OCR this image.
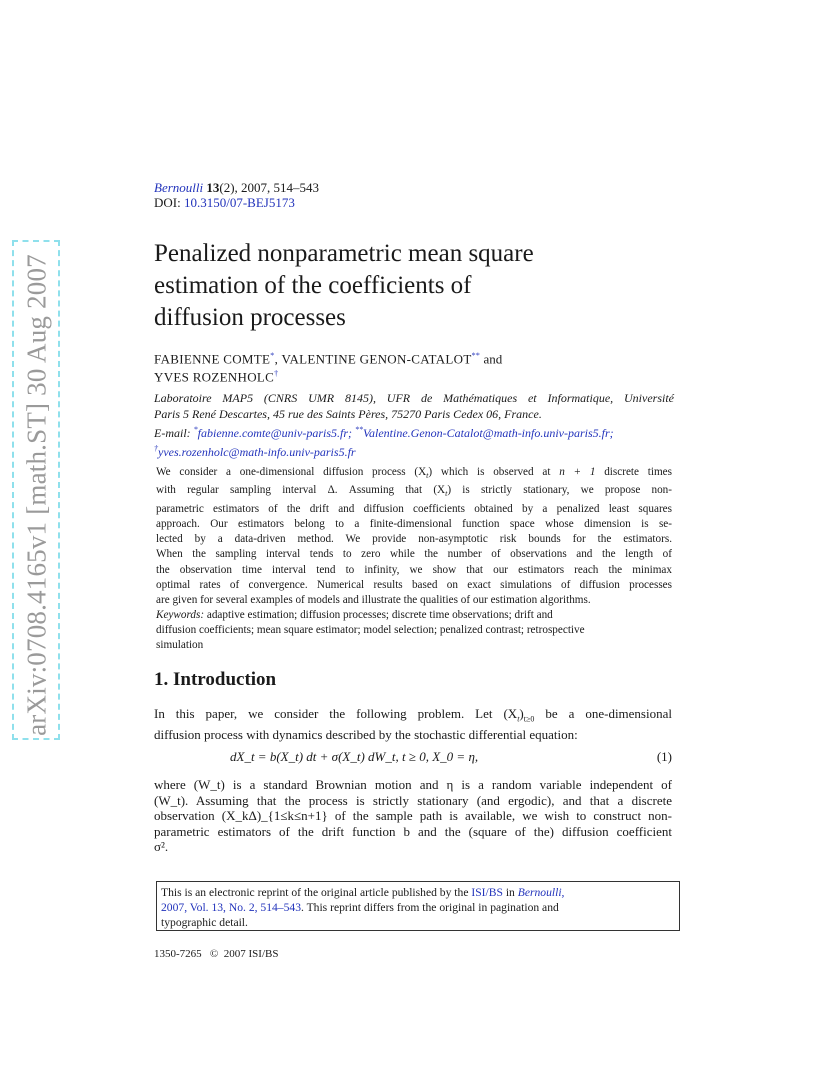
arXiv:0708.4165v1 [math.ST] 30 Aug 2007
Bernoulli 13(2), 2007, 514–543
DOI: 10.3150/07-BEJ5173
Penalized nonparametric mean square
estimation of the coefficients of
diffusion processes
FABIENNE COMTE*, VALENTINE GENON-CATALOT** and
YVES ROZENHOLC†
Laboratoire MAP5 (CNRS UMR 8145), UFR de Mathématiques et Informatique, Université
Paris 5 René Descartes, 45 rue des Saints Pères, 75270 Paris Cedex 06, France.
E-mail: *fabienne.comte@univ-paris5.fr; **Valentine.Genon-Catalot@math-info.univ-paris5.fr;
†yves.rozenholc@math-info.univ-paris5.fr
We consider a one-dimensional diffusion process $(X_t)$ which is observed at n + 1 discrete times
with regular sampling interval Δ. Assuming that $(X_t)$ is strictly stationary, we propose non-
parametric estimators of the drift and diffusion coefficients obtained by a penalized least squares
approach. Our estimators belong to a finite-dimensional function space whose dimension is se-
lected by a data-driven method. We provide non-asymptotic risk bounds for the estimators.
When the sampling interval tends to zero while the number of observations and the length of
the observation time interval tend to infinity, we show that our estimators reach the minimax
optimal rates of convergence. Numerical results based on exact simulations of diffusion processes
are given for several examples of models and illustrate the qualities of our estimation algorithms.
Keywords: adaptive estimation; diffusion processes; discrete time observations; drift and
diffusion coefficients; mean square estimator; model selection; penalized contrast; retrospective
simulation
1. Introduction
In this paper, we consider the following problem. Let $(X_t)_{t\ge 0}$ be a one-dimensional
diffusion process with dynamics described by the stochastic differential equation:
dX_t = b(X_t) dt + σ(X_t) dW_t, t ≥ 0, X_0 = η,	(1)
where (W_t) is a standard Brownian motion and η is a random variable independent of
(W_t). Assuming that the process is strictly stationary (and ergodic), and that a discrete
observation (X_kΔ)_{1≤k≤n+1} of the sample path is available, we wish to construct non-
parametric estimators of the drift function b and the (square of the) diffusion coefficient
σ².
This is an electronic reprint of the original article published by the ISI/BS in Bernoulli,
2007, Vol. 13, No. 2, 514–543. This reprint differs from the original in pagination and
typographic detail.
1350-7265   ©  2007 ISI/BS
